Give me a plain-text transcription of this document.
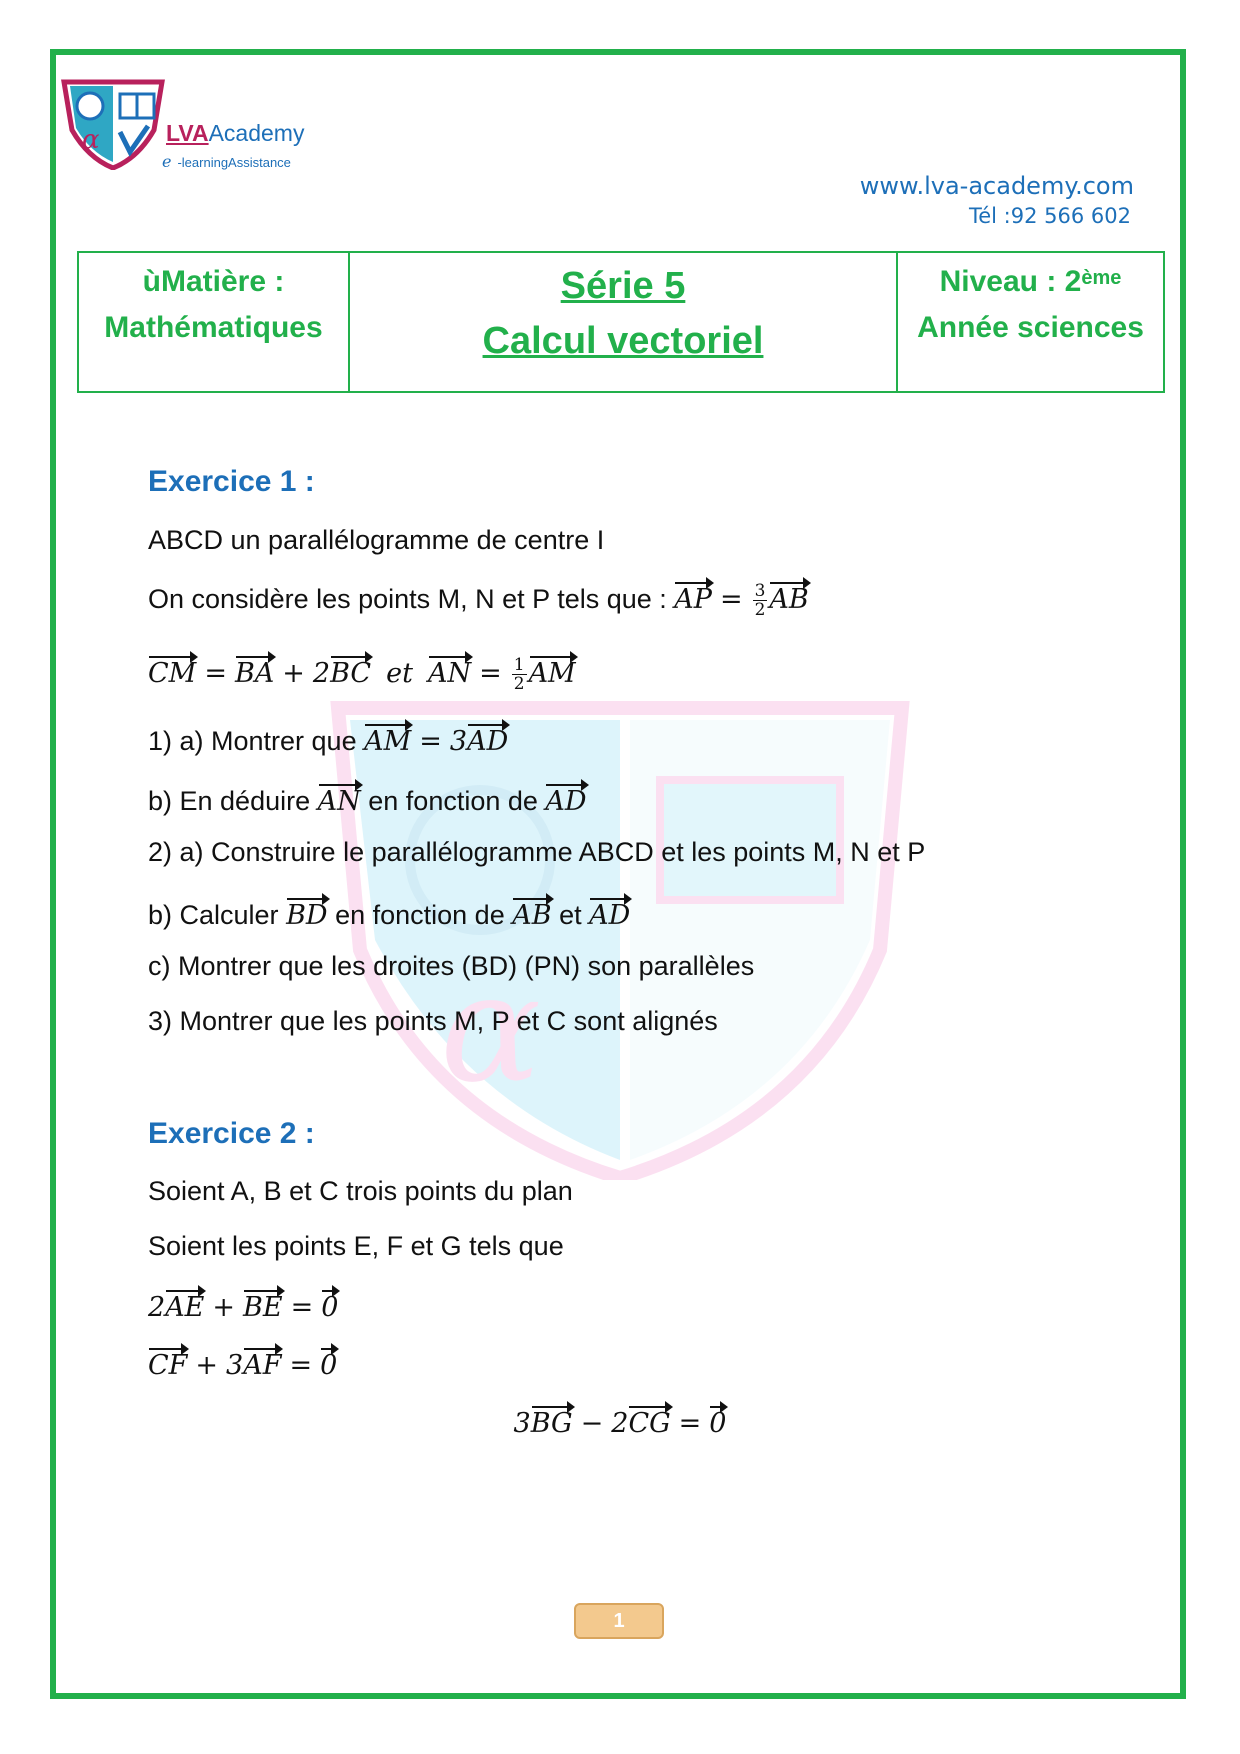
α	LVAAcademy
e -learningAssistance
www.lva-academy.com
Tél :92 566 602
ùMatière :
Mathématiques
Série 5
Calcul vectoriel
Niveau : 2ème
Année sciences
α
Exercice 1 :
ABCD un parallélogramme de centre I
On considère les points M, N et P tels que : AP = $\frac{3}{2}$ AB
CM = BA + 2BC et AN = $\frac{1}{2}$ AM
1) a) Montrer que AM = 3AD
b) En déduire AN en fonction de AD
2) a) Construire le parallélogramme ABCD et les points M, N et P
b) Calculer BD en fonction de AB et AD
c) Montrer que les droites (BD) (PN) son parallèles
3) Montrer que les points M, P et C sont alignés
Exercice 2 :
Soient A, B et C trois points du plan
Soient les points E, F et G tels que
2AE + BE = 0
CF + 3AF = 0
3BG − 2CG = 0
1
